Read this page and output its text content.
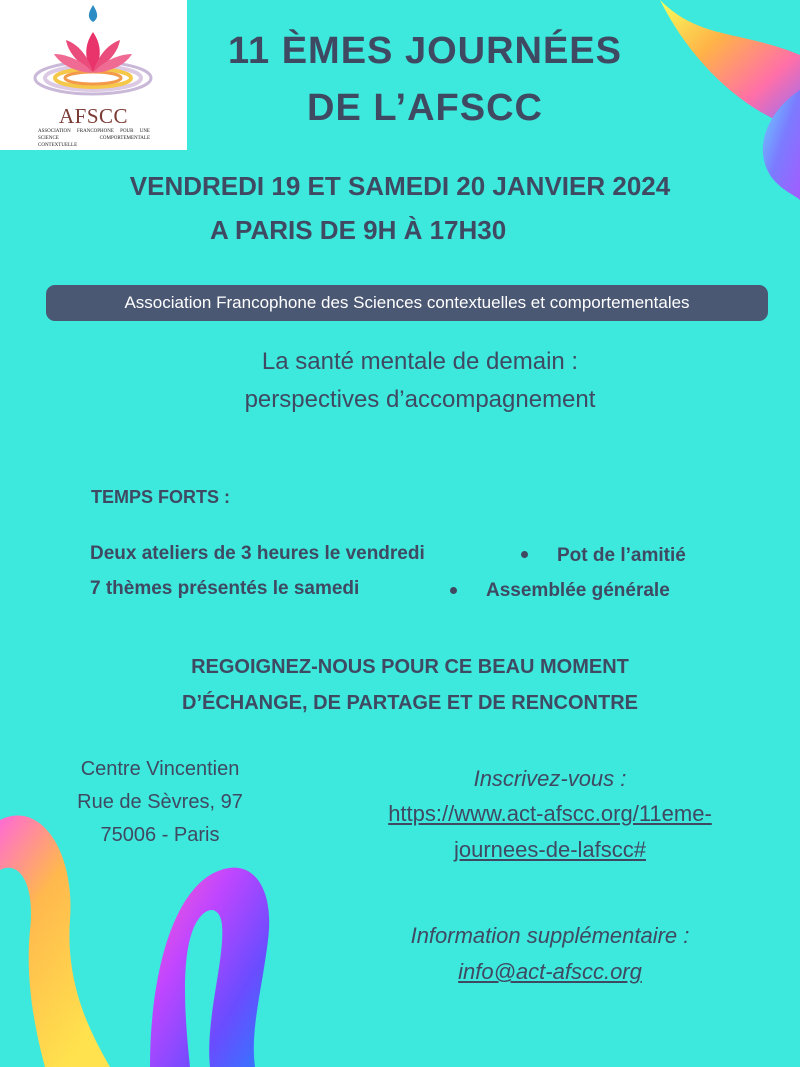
AFSCC
ASSOCIATION FRANCOPHONE POUR UNE SCIENCE COMPORTEMENTALE CONTEXTUELLE
11 ÈMES JOURNÉES
DE L’AFSCC
VENDREDI 19 ET SAMEDI 20 JANVIER 2024
A PARIS DE 9H À 17H30
Association Francophone des Sciences contextuelles et comportementales
La santé mentale de demain :
perspectives d’accompagnement
TEMPS FORTS :
Deux ateliers de 3 heures le vendredi	Pot de l’amitié
7 thèmes présentés le samedi	Assemblée générale
REGOIGNEZ-NOUS POUR CE BEAU MOMENT
D’ÉCHANGE, DE PARTAGE ET DE RENCONTRE
Centre Vincentien
Rue de Sèvres, 97
75006 - Paris
Inscrivez-vous :
https://www.act-afscc.org/11eme-
journees-de-lafscc#
Information supplémentaire :
info@act-afscc.org
